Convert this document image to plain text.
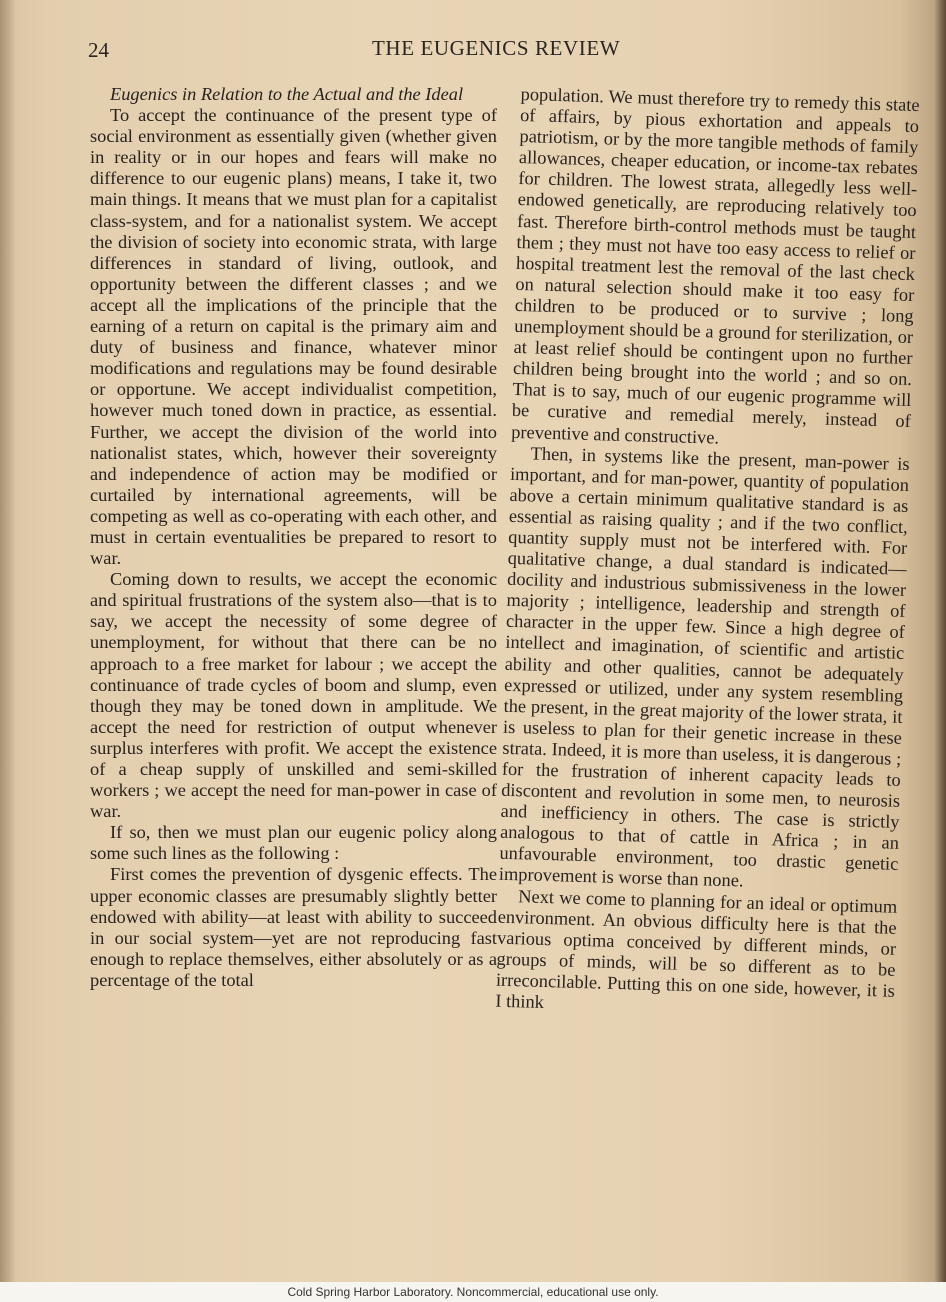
24	THE EUGENICS REVIEW

Eugenics in Relation to the Actual and the Ideal

To accept the continuance of the present type of social environment as essentially given (whether given in reality or in our hopes and fears will make no difference to our eugenic plans) means, I take it, two main things. It means that we must plan for a capitalist class-system, and for a nationalist system. We accept the division of society into economic strata, with large differences in standard of living, outlook, and opportunity between the different classes ; and we accept all the implications of the principle that the earning of a return on capital is the primary aim and duty of business and finance, whatever minor modifications and regulations may be found desirable or opportune. We accept individualist competition, however much toned down in practice, as essential. Further, we accept the division of the world into nationalist states, which, however their sovereignty and independence of action may be modified or curtailed by international agreements, will be competing as well as co-operating with each other, and must in certain eventualities be prepared to resort to war.

Coming down to results, we accept the economic and spiritual frustrations of the system also—that is to say, we accept the necessity of some degree of unemployment, for without that there can be no approach to a free market for labour ; we accept the continuance of trade cycles of boom and slump, even though they may be toned down in amplitude. We accept the need for restriction of output whenever surplus interferes with profit. We accept the existence of a cheap supply of unskilled and semi-skilled workers ; we accept the need for man-power in case of war.

If so, then we must plan our eugenic policy along some such lines as the following :

First comes the prevention of dysgenic effects. The upper economic classes are presumably slightly better endowed with ability—at least with ability to succeed in our social system—yet are not reproducing fast enough to replace themselves, either absolutely or as a percentage of the total

population. We must therefore try to remedy this state of affairs, by pious exhortation and appeals to patriotism, or by the more tangible methods of family allowances, cheaper education, or income-tax rebates for children. The lowest strata, allegedly less well-endowed genetically, are reproducing relatively too fast. Therefore birth-control methods must be taught them ; they must not have too easy access to relief or hospital treatment lest the removal of the last check on natural selection should make it too easy for children to be produced or to survive ; long unemployment should be a ground for sterilization, or at least relief should be contingent upon no further children being brought into the world ; and so on. That is to say, much of our eugenic programme will be curative and remedial merely, instead of preventive and constructive.

Then, in systems like the present, man-power is important, and for man-power, quantity of population above a certain minimum qualitative standard is as essential as raising quality ; and if the two conflict, quantity supply must not be interfered with. For qualitative change, a dual standard is indicated—docility and industrious submissiveness in the lower majority ; intelligence, leadership and strength of character in the upper few. Since a high degree of intellect and imagination, of scientific and artistic ability and other qualities, cannot be adequately expressed or utilized, under any system resembling the present, in the great majority of the lower strata, it is useless to plan for their genetic increase in these strata. Indeed, it is more than useless, it is dangerous ; for the frustration of inherent capacity leads to discontent and revolution in some men, to neurosis and inefficiency in others. The case is strictly analogous to that of cattle in Africa ; in an unfavourable environment, too drastic genetic improvement is worse than none.

Next we come to planning for an ideal or optimum environment. An obvious difficulty here is that the various optima conceived by different minds, or groups of minds, will be so different as to be irreconcilable. Putting this on one side, however, it is I think

Cold Spring Harbor Laboratory. Noncommercial, educational use only.
